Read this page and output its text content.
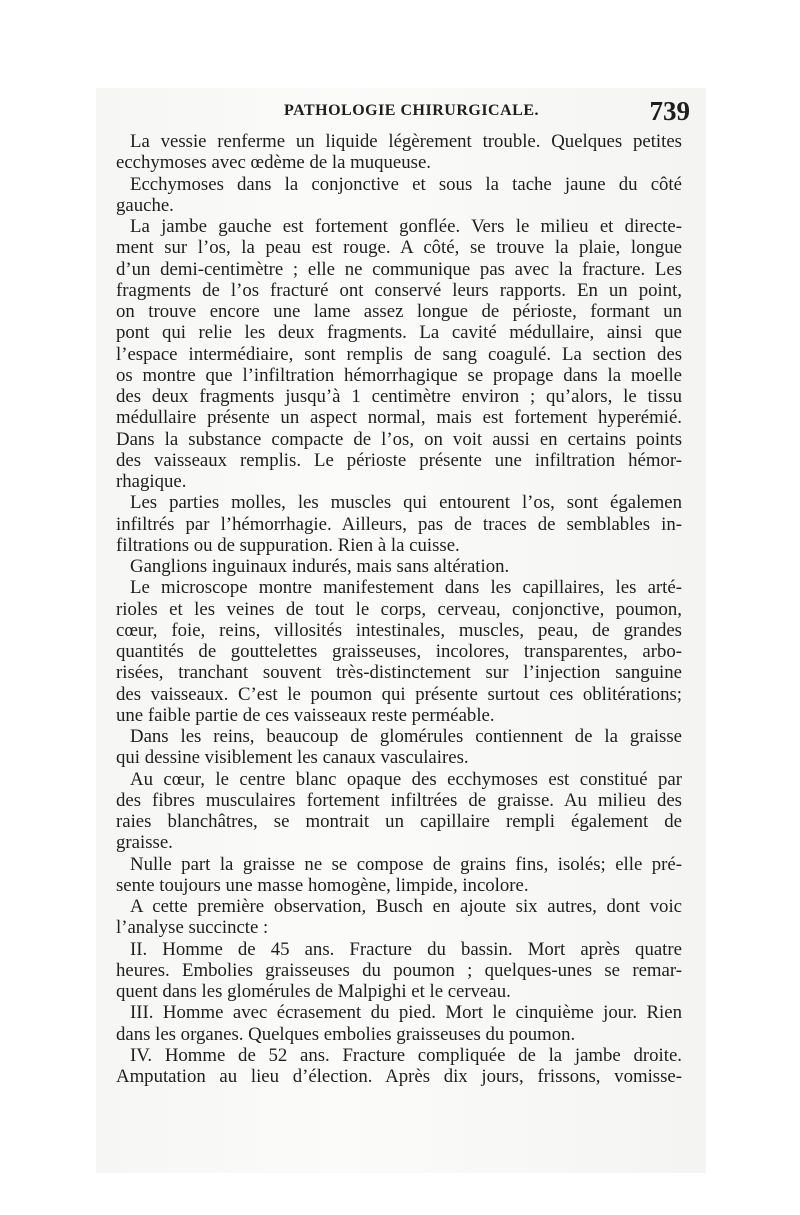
PATHOLOGIE CHIRURGICALE.	739
La vessie renferme un liquide légèrement trouble. Quelques petites
ecchymoses avec œdème de la muqueuse.
Ecchymoses dans la conjonctive et sous la tache jaune du côté
gauche.
La jambe gauche est fortement gonflée. Vers le milieu et directe-
ment sur l’os, la peau est rouge. A côté, se trouve la plaie, longue
d’un demi-centimètre ; elle ne communique pas avec la fracture. Les
fragments de l’os fracturé ont conservé leurs rapports. En un point,
on trouve encore une lame assez longue de périoste, formant un
pont qui relie les deux fragments. La cavité médullaire, ainsi que
l’espace intermédiaire, sont remplis de sang coagulé. La section des
os montre que l’infiltration hémorrhagique se propage dans la moelle
des deux fragments jusqu’à 1 centimètre environ ; qu’alors, le tissu
médullaire présente un aspect normal, mais est fortement hyperémié.
Dans la substance compacte de l’os, on voit aussi en certains points
des vaisseaux remplis. Le périoste présente une infiltration hémor-
rhagique.
Les parties molles, les muscles qui entourent l’os, sont égalemen
infiltrés par l’hémorrhagie. Ailleurs, pas de traces de semblables in-
filtrations ou de suppuration. Rien à la cuisse.
Ganglions inguinaux indurés, mais sans altération.
Le microscope montre manifestement dans les capillaires, les arté-
rioles et les veines de tout le corps, cerveau, conjonctive, poumon,
cœur, foie, reins, villosités intestinales, muscles, peau, de grandes
quantités de gouttelettes graisseuses, incolores, transparentes, arbo-
risées, tranchant souvent très-distinctement sur l’injection sanguine
des vaisseaux. C’est le poumon qui présente surtout ces oblitérations;
une faible partie de ces vaisseaux reste perméable.
Dans les reins, beaucoup de glomérules contiennent de la graisse
qui dessine visiblement les canaux vasculaires.
Au cœur, le centre blanc opaque des ecchymoses est constitué par
des fibres musculaires fortement infiltrées de graisse. Au milieu des
raies blanchâtres, se montrait un capillaire rempli également de
graisse.
Nulle part la graisse ne se compose de grains fins, isolés; elle pré-
sente toujours une masse homogène, limpide, incolore.
A cette première observation, Busch en ajoute six autres, dont voic
l’analyse succincte :
II. Homme de 45 ans. Fracture du bassin. Mort après quatre
heures. Embolies graisseuses du poumon ; quelques-unes se remar-
quent dans les glomérules de Malpighi et le cerveau.
III. Homme avec écrasement du pied. Mort le cinquième jour. Rien
dans les organes. Quelques embolies graisseuses du poumon.
IV. Homme de 52 ans. Fracture compliquée de la jambe droite.
Amputation au lieu d’élection. Après dix jours, frissons, vomisse-
